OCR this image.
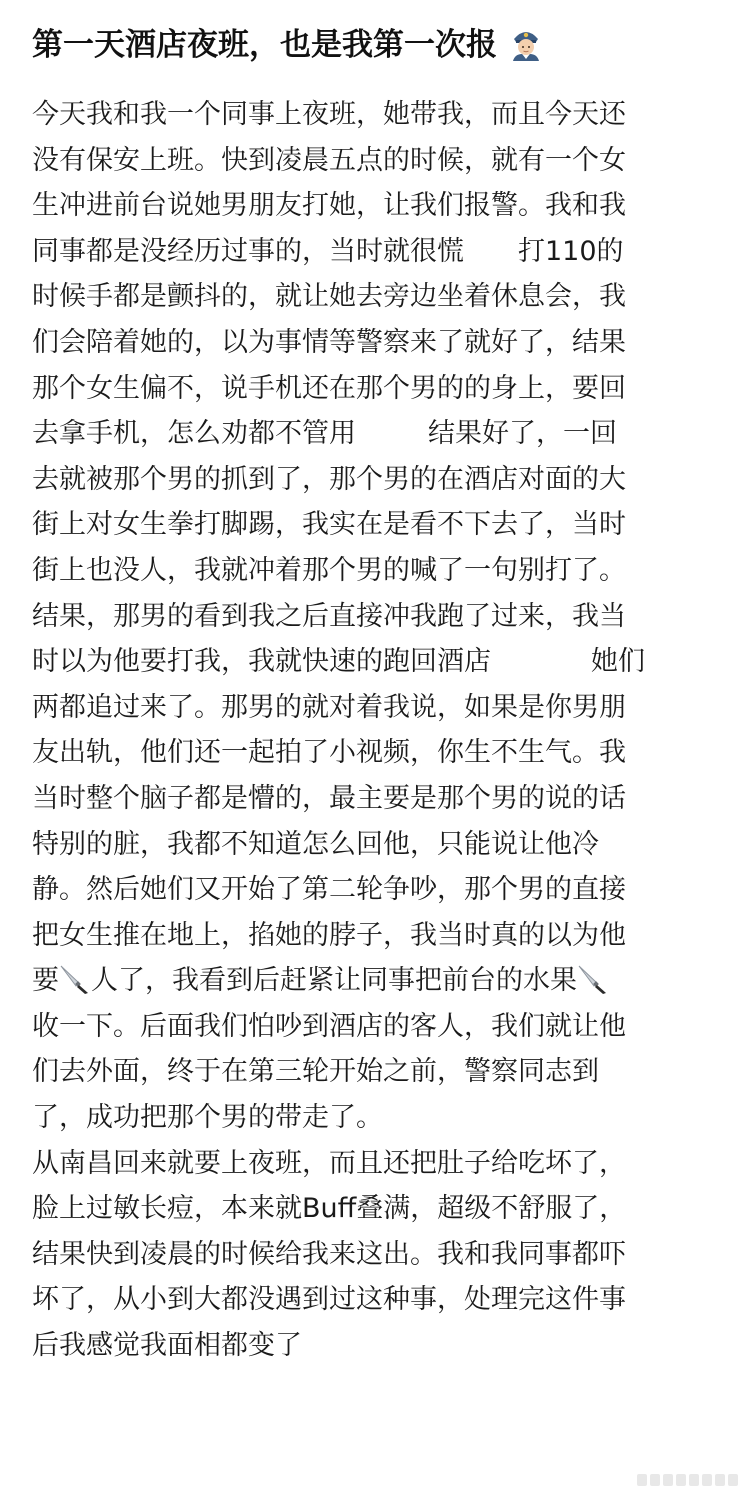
第一天酒店夜班，也是我第一次报
今天我和我一个同事上夜班，她带我，而且今天还
没有保安上班。快到凌晨五点的时候，就有一个女
生冲进前台说她男朋友打她，让我们报警。我和我
同事都是没经历过事的，当时就很慌 打110的
时候手都是颤抖的，就让她去旁边坐着休息会，我
们会陪着她的，以为事情等警察来了就好了，结果
那个女生偏不，说手机还在那个男的的身上，要回
去拿手机，怎么劝都不管用	结果好了，一回
去就被那个男的抓到了，那个男的在酒店对面的大
街上对女生拳打脚踢，我实在是看不下去了，当时
街上也没人，我就冲着那个男的喊了一句别打了。
结果，那男的看到我之后直接冲我跑了过来，我当
时以为他要打我，我就快速的跑回酒店	她们
两都追过来了。那男的就对着我说，如果是你男朋
友出轨，他们还一起拍了小视频，你生不生气。我
当时整个脑子都是懵的，最主要是那个男的说的话
特别的脏，我都不知道怎么回他，只能说让他冷
静。然后她们又开始了第二轮争吵，那个男的直接
把女生推在地上，掐她的脖子，我当时真的以为他
要 人了，我看到后赶紧让同事把前台的水果
收一下。后面我们怕吵到酒店的客人，我们就让他
们去外面，终于在第三轮开始之前，警察同志到
了，成功把那个男的带走了。
从南昌回来就要上夜班，而且还把肚子给吃坏了，
脸上过敏长痘，本来就Buff叠满，超级不舒服了，
结果快到凌晨的时候给我来这出。我和我同事都吓
坏了，从小到大都没遇到过这种事，处理完这件事
后我感觉我面相都变了
